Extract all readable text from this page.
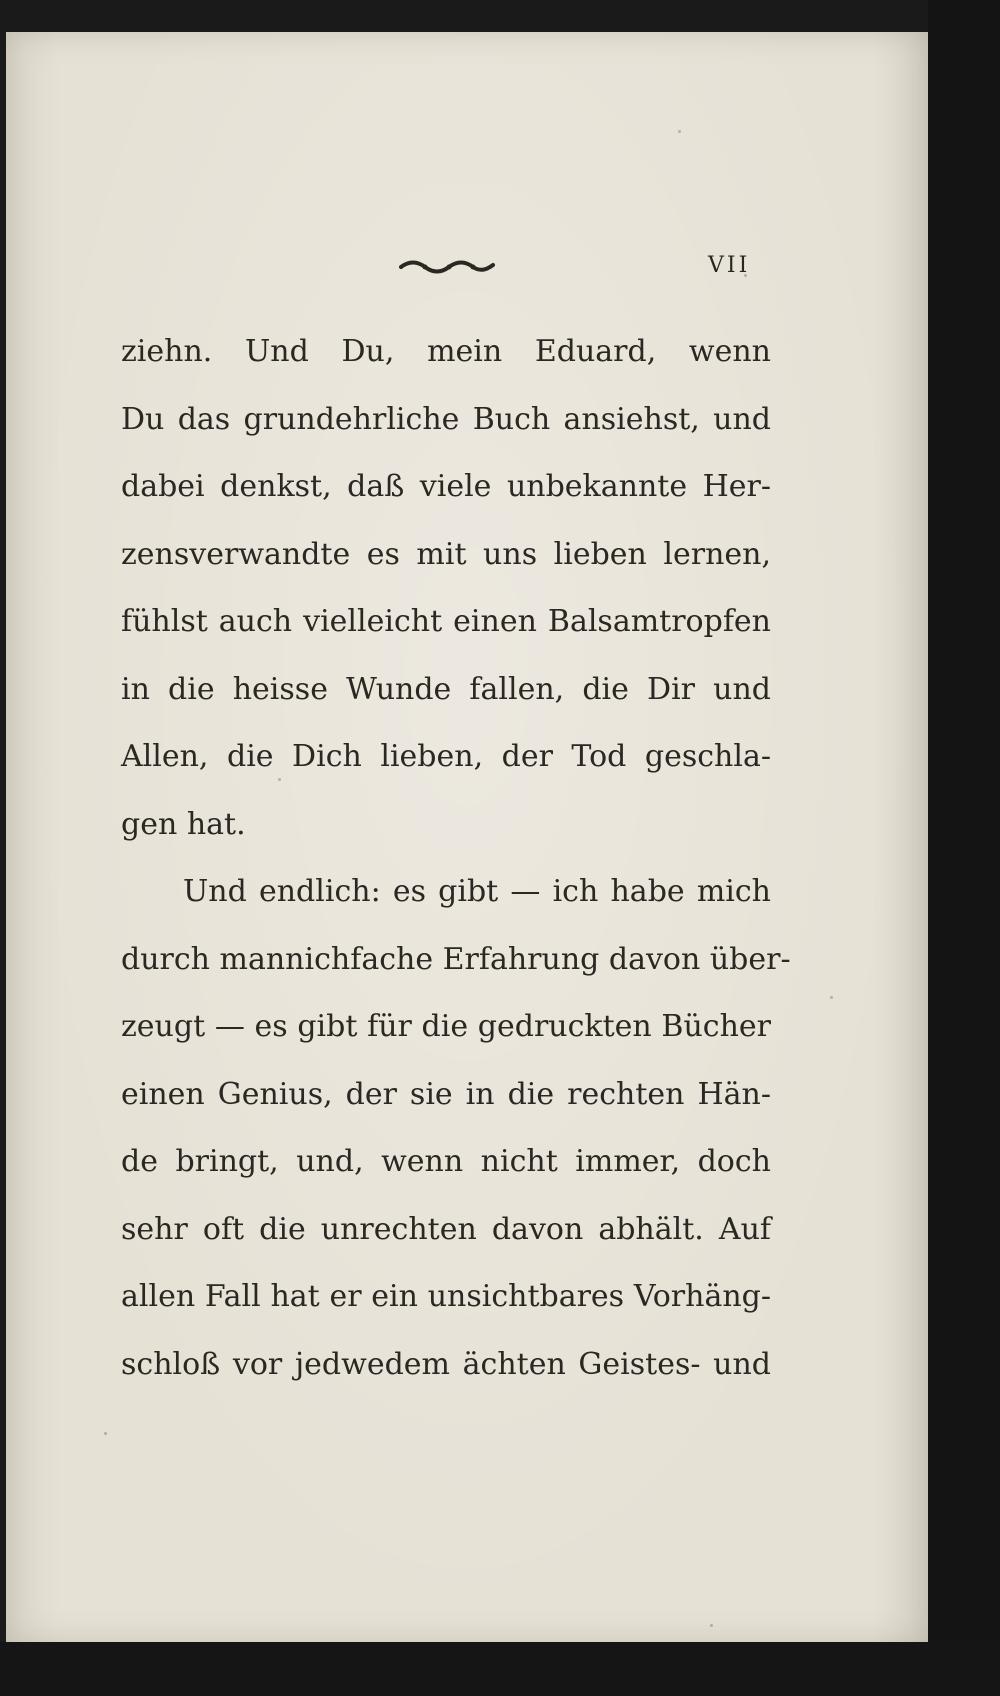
VII
ziehn. Und Du, mein Eduard, wenn
Du das grundehrliche Buch ansiehst, und
dabei denkst, daß viele unbekannte Her-
zensverwandte es mit uns lieben lernen,
fühlst auch vielleicht einen Balsamtropfen
in die heisse Wunde fallen, die Dir und
Allen, die Dich lieben, der Tod geschla-
gen hat.
Und endlich: es gibt — ich habe mich
durch mannichfache Erfahrung davon über-
zeugt — es gibt für die gedruckten Bücher
einen Genius, der sie in die rechten Hän-
de bringt, und, wenn nicht immer, doch
sehr oft die unrechten davon abhält. Auf
allen Fall hat er ein unsichtbares Vorhäng-
schloß vor jedwedem ächten Geistes- und
